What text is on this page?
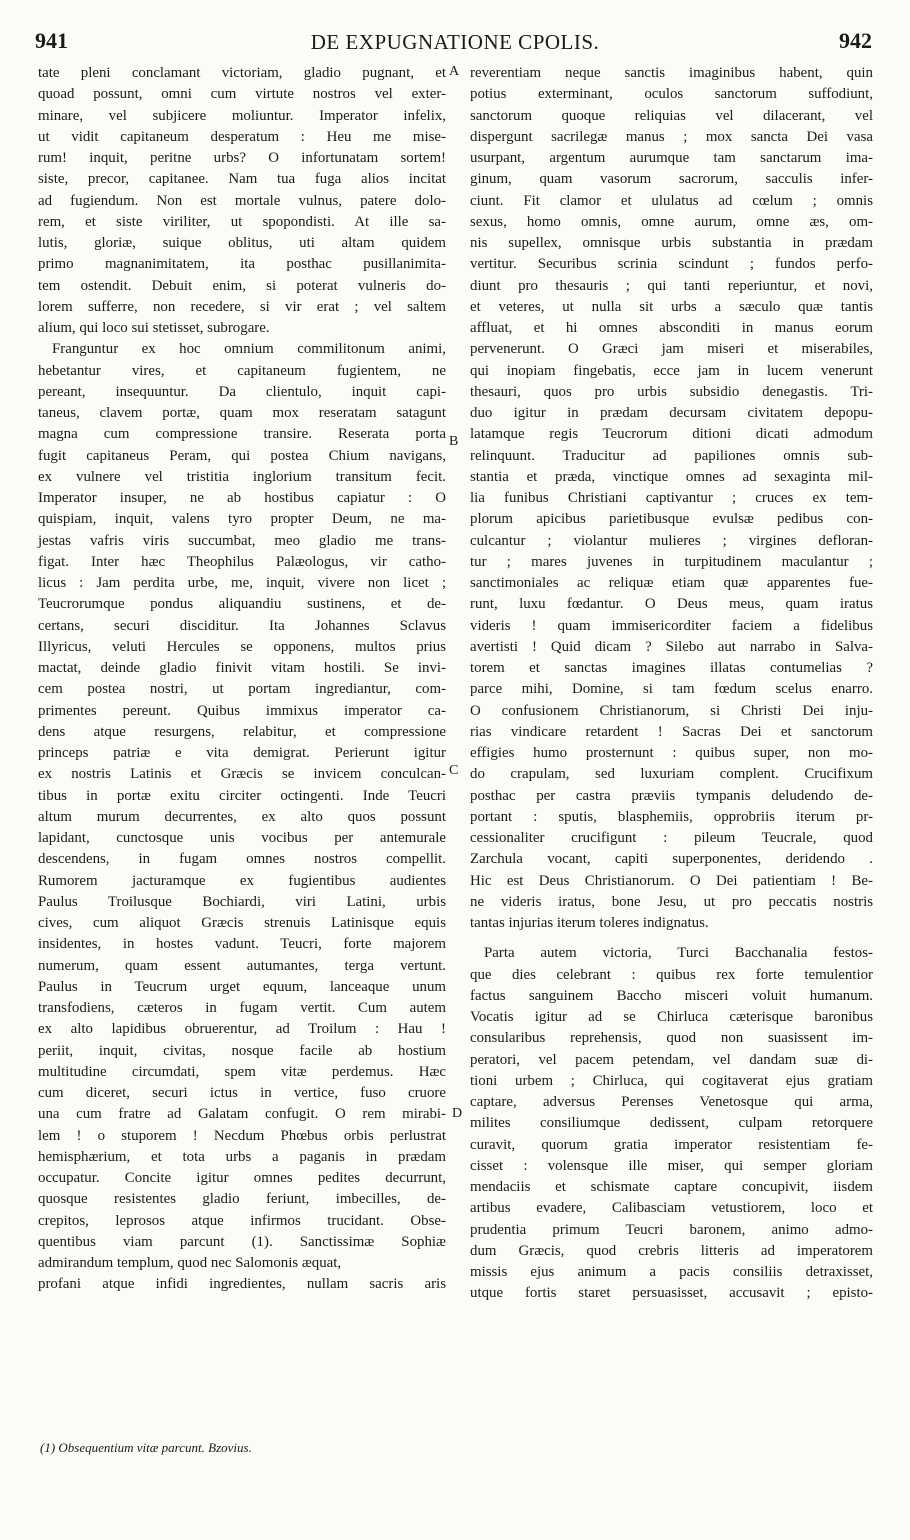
941	DE EXPUGNATIONE CPOLIS.	942
tate pleni conclamant victoriam, gladio pugnant, et
quoad possunt, omni cum virtute nostros vel exter-
minare, vel subjicere moliuntur. Imperator infelix,
ut vidit capitaneum desperatum : Heu me mise-
rum! inquit, peritne urbs? O infortunatam sortem!
siste, precor, capitanee. Nam tua fuga alios incitat
ad fugiendum. Non est mortale vulnus, patere dolo-
rem, et siste viriliter, ut spopondisti. At ille sa-
lutis, gloriæ, suique oblitus, uti altam quidem
primo magnanimitatem, ita posthac pusillanimita-
tem ostendit. Debuit enim, si poterat vulneris do-
lorem sufferre, non recedere, si vir erat ; vel saltem
alium, qui loco sui stetisset, subrogare.
Franguntur ex hoc omnium commilitonum animi,
hebetantur vires, et capitaneum fugientem, ne
pereant, insequuntur. Da clientulo, inquit capi-
taneus, clavem portæ, quam mox reseratam satagunt
magna cum compressione transire. Reserata porta
fugit capitaneus Peram, qui postea Chium navigans,
ex vulnere vel tristitia inglorium transitum fecit.
Imperator insuper, ne ab hostibus capiatur : O
quispiam, inquit, valens tyro propter Deum, ne ma-
jestas vafris viris succumbat, meo gladio me trans-
figat. Inter hæc Theophilus Palæologus, vir catho-
licus : Jam perdita urbe, me, inquit, vivere non licet ;
Teucrorumque pondus aliquandiu sustinens, et de-
certans, securi disciditur. Ita Johannes Sclavus
Illyricus, veluti Hercules se opponens, multos prius
mactat, deinde gladio finivit vitam hostili. Se invi-
cem postea nostri, ut portam ingrediantur, com-
primentes pereunt. Quibus immixus imperator ca-
dens atque resurgens, relabitur, et compressione
princeps patriæ e vita demigrat. Perierunt igitur
ex nostris Latinis et Græcis se invicem conculcan-
tibus in portæ exitu circiter octingenti. Inde Teucri
altum murum decurrentes, ex alto quos possunt
lapidant, cunctosque unis vocibus per antemurale
descendens, in fugam omnes nostros compellit.
Rumorem jacturamque ex fugientibus audientes
Paulus Troilusque Bochiardi, viri Latini, urbis
cives, cum aliquot Græcis strenuis Latinisque equis
insidentes, in hostes vadunt. Teucri, forte majorem
numerum, quam essent autumantes, terga vertunt.
Paulus in Teucrum urget equum, lanceaque unum
transfodiens, cæteros in fugam vertit. Cum autem
ex alto lapidibus obruerentur, ad Troilum : Hau !
periit, inquit, civitas, nosque facile ab hostium
multitudine circumdati, spem vitæ perdemus. Hæc
cum diceret, securi ictus in vertice, fuso cruore
una cum fratre ad Galatam confugit. O rem mirabi-
lem ! o stuporem ! Necdum Phœbus orbis perlustrat
hemisphærium, et tota urbs a paganis in prædam
occupatur. Concite igitur omnes pedites decurrunt,
quosque resistentes gladio feriunt, imbecilles, de-
crepitos, leprosos atque infirmos trucidant. Obse-
quentibus viam parcunt (1). Sanctissimæ Sophiæ
admirandum templum, quod nec Salomonis æquat,
profani atque infidi ingredientes, nullam sacris aris
reverentiam neque sanctis imaginibus habent, quin
potius exterminant, oculos sanctorum suffodiunt,
sanctorum quoque reliquias vel dilacerant, vel
dispergunt sacrilegæ manus ; mox sancta Dei vasa
usurpant, argentum aurumque tam sanctarum ima-
ginum, quam vasorum sacrorum, sacculis infer-
ciunt. Fit clamor et ululatus ad cœlum ; omnis
sexus, homo omnis, omne aurum, omne æs, om-
nis supellex, omnisque urbis substantia in prædam
vertitur. Securibus scrinia scindunt ; fundos perfo-
diunt pro thesauris ; qui tanti reperiuntur, et novi,
et veteres, ut nulla sit urbs a sæculo quæ tantis
affluat, et hi omnes absconditi in manus eorum
pervenerunt. O Græci jam miseri et miserabiles,
qui inopiam fingebatis, ecce jam in lucem venerunt
thesauri, quos pro urbis subsidio denegastis. Tri-
duo igitur in prædam decursam civitatem depopu-
latamque regis Teucrorum ditioni dicati admodum
relinquunt. Traducitur ad papiliones omnis sub-
stantia et præda, vinctique omnes ad sexaginta mil-
lia funibus Christiani captivantur ; cruces ex tem-
plorum apicibus parietibusque evulsæ pedibus con-
culcantur ; violantur mulieres ; virgines defloran-
tur ; mares juvenes in turpitudinem maculantur ;
sanctimoniales ac reliquæ etiam quæ apparentes fue-
runt, luxu fœdantur. O Deus meus, quam iratus
videris ! quam immisericorditer faciem a fidelibus
avertisti ! Quid dicam ? Silebo aut narrabo in Salva-
torem et sanctas imagines illatas contumelias ?
parce mihi, Domine, si tam fœdum scelus enarro.
O confusionem Christianorum, si Christi Dei inju-
rias vindicare retardent ! Sacras Dei et sanctorum
effigies humo prosternunt : quibus super, non mo-
do crapulam, sed luxuriam complent. Crucifixum
posthac per castra præviis tympanis deludendo de-
portant : sputis, blasphemiis, opprobriis iterum pr-
cessionaliter crucifigunt : pileum Teucrale, quod
Zarchula vocant, capiti superponentes, deridendo .
Hic est Deus Christianorum. O Dei patientiam ! Be-
ne videris iratus, bone Jesu, ut pro peccatis nostris
tantas injurias iterum toleres indignatus.
Parta autem victoria, Turci Bacchanalia festos-
que dies celebrant : quibus rex forte temulentior
factus sanguinem Baccho misceri voluit humanum.
Vocatis igitur ad se Chirluca cæterisque baronibus
consularibus reprehensis, quod non suasissent im-
peratori, vel pacem petendam, vel dandam suæ di-
tioni urbem ; Chirluca, qui cogitaverat ejus gratiam
captare, adversus Perenses Venetosque qui arma,
milites consiliumque dedissent, culpam retorquere
curavit, quorum gratia imperator resistentiam fe-
cisset : volensque ille miser, qui semper gloriam
mendaciis et schismate captare concupivit, iisdem
artibus evadere, Calibasciam vetustiorem, loco et
prudentia primum Teucri baronem, animo admo-
dum Græcis, quod crebris litteris ad imperatorem
missis ejus animum a pacis consiliis detraxisset,
utque fortis staret persuasisset, accusavit ; episto-
A
B
C
D
(1) Obsequentium vitæ parcunt. Bzovius.
